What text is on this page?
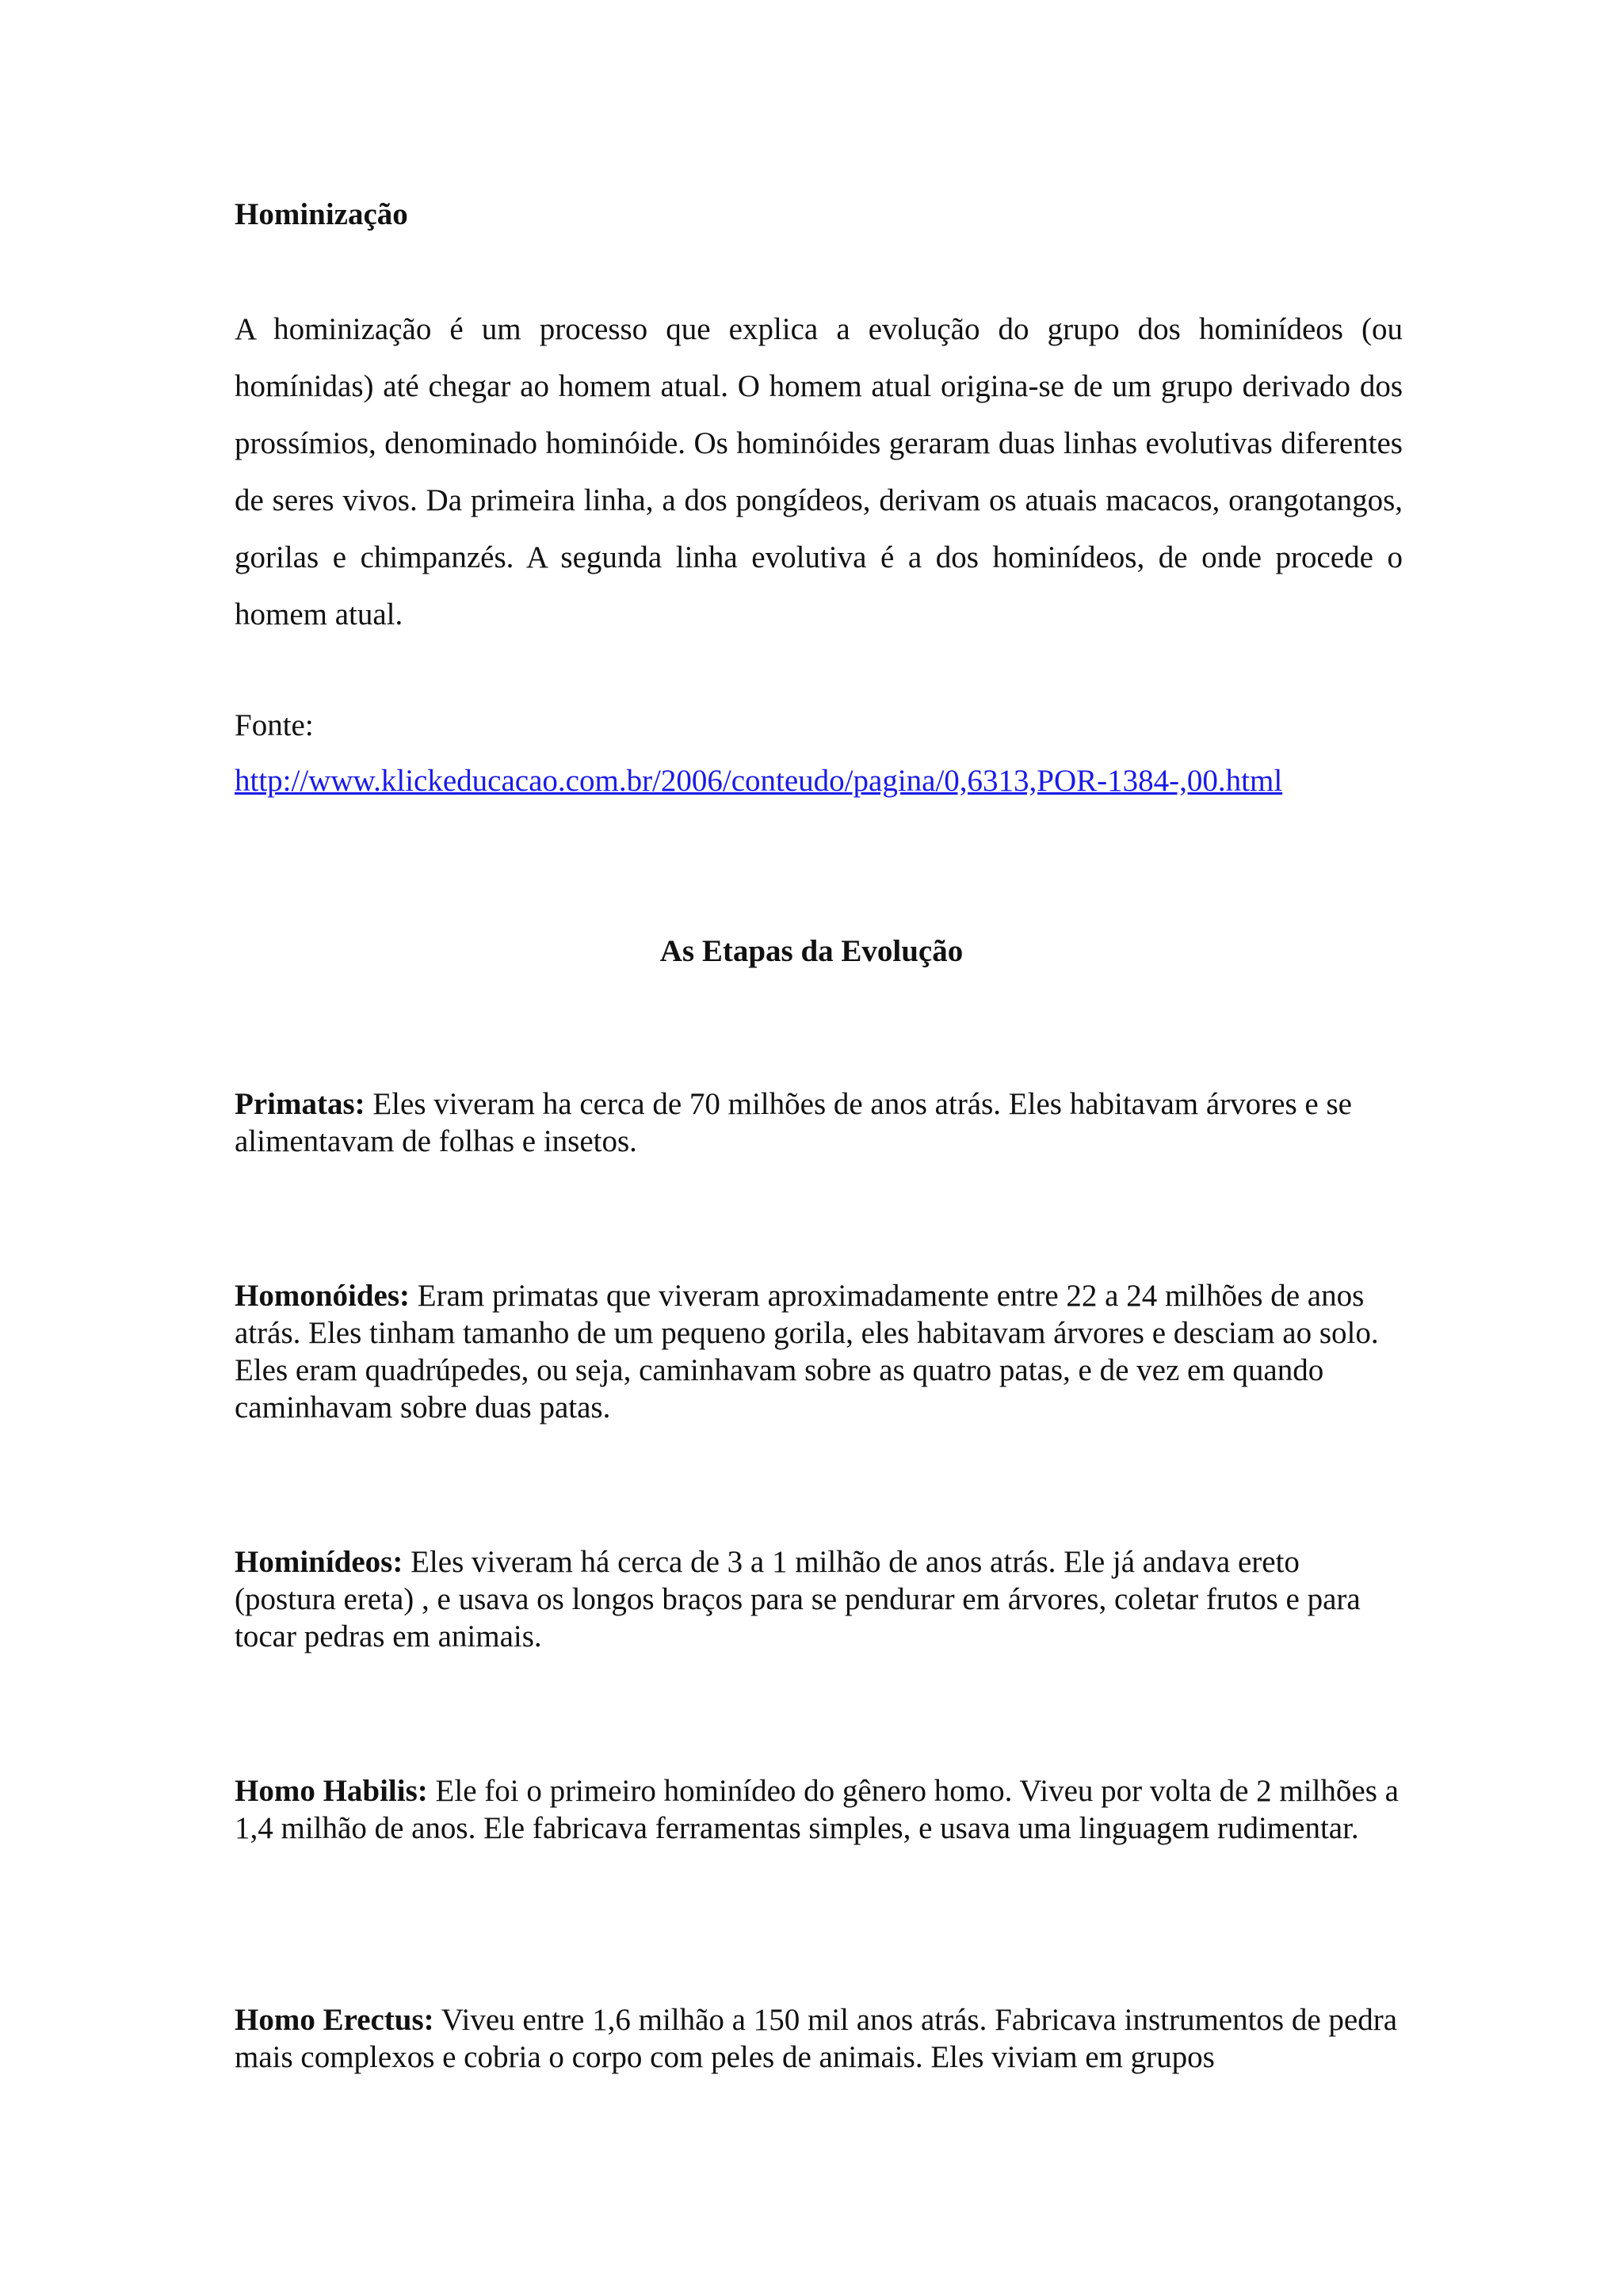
Hominização

A hominização é um processo que explica a evolução do grupo dos hominídeos (ou homínidas) até chegar ao homem atual. O homem atual origina-se de um grupo derivado dos prossímios, denominado hominóide. Os hominóides geraram duas linhas evolutivas diferentes de seres vivos. Da primeira linha, a dos pongídeos, derivam os atuais macacos, orangotangos, gorilas e chimpanzés. A segunda linha evolutiva é a dos hominídeos, de onde procede o homem atual.

Fonte:

http://www.klickeducacao.com.br/2006/conteudo/pagina/0,6313,POR-1384-,00.html
As Etapas da Evolução

Primatas: Eles viveram ha cerca de 70 milhões de anos atrás. Eles habitavam árvores e se alimentavam de folhas e insetos.

Homonóides: Eram primatas que viveram aproximadamente entre 22 a 24 milhões de anos atrás. Eles tinham tamanho de um pequeno gorila, eles habitavam árvores e desciam ao solo. Eles eram quadrúpedes, ou seja, caminhavam sobre as quatro patas, e de vez em quando caminhavam sobre duas patas.

Hominídeos: Eles viveram há cerca de 3 a 1 milhão de anos atrás. Ele já andava ereto (postura ereta) , e usava os longos braços para se pendurar em árvores, coletar frutos e para tocar pedras em animais.

Homo Habilis: Ele foi o primeiro hominídeo do gênero homo. Viveu por volta de 2 milhões a 1,4 milhão de anos. Ele fabricava ferramentas simples, e usava uma linguagem rudimentar.

Homo Erectus: Viveu entre 1,6 milhão a 150 mil anos atrás. Fabricava instrumentos de pedra mais complexos e cobria o corpo com peles de animais. Eles viviam em grupos
